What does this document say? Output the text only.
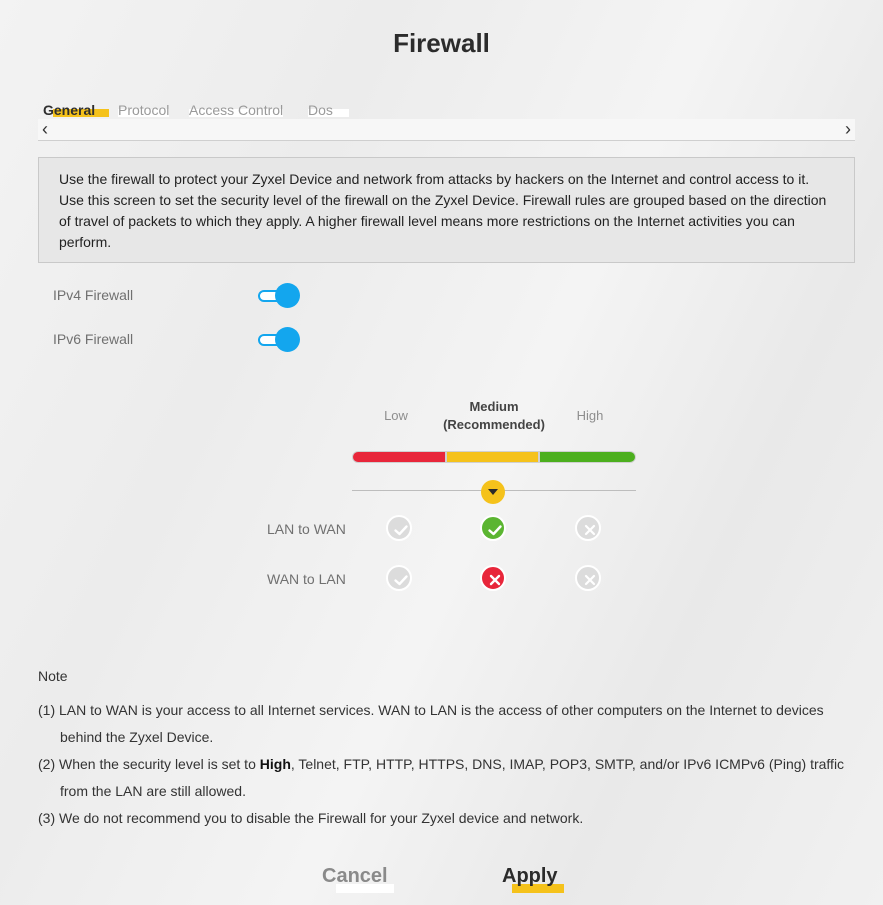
Firewall
General Protocol Access Control Dos
‹	›

Use the firewall to protect your Zyxel Device and network from attacks by hackers on the Internet and control access to it. Use this screen to set the security level of the firewall on the Zyxel Device. Firewall rules are grouped based on the direction of travel of packets to which they apply. A higher firewall level means more restrictions on the Internet activities you can perform.

IPv4 Firewall
IPv6 Firewall
Low
Medium
(Recommended)
High
LAN to WAN
WAN to LAN
Note
(1) LAN to WAN is your access to all Internet services. WAN to LAN is the access of other computers on the Internet to devices
behind the Zyxel Device.
(2) When the security level is set to High, Telnet, FTP, HTTP, HTTPS, DNS, IMAP, POP3, SMTP, and/or IPv6 ICMPv6 (Ping) traffic
from the LAN are still allowed.
(3) We do not recommend you to disable the Firewall for your Zyxel device and network.
Cancel	Apply
